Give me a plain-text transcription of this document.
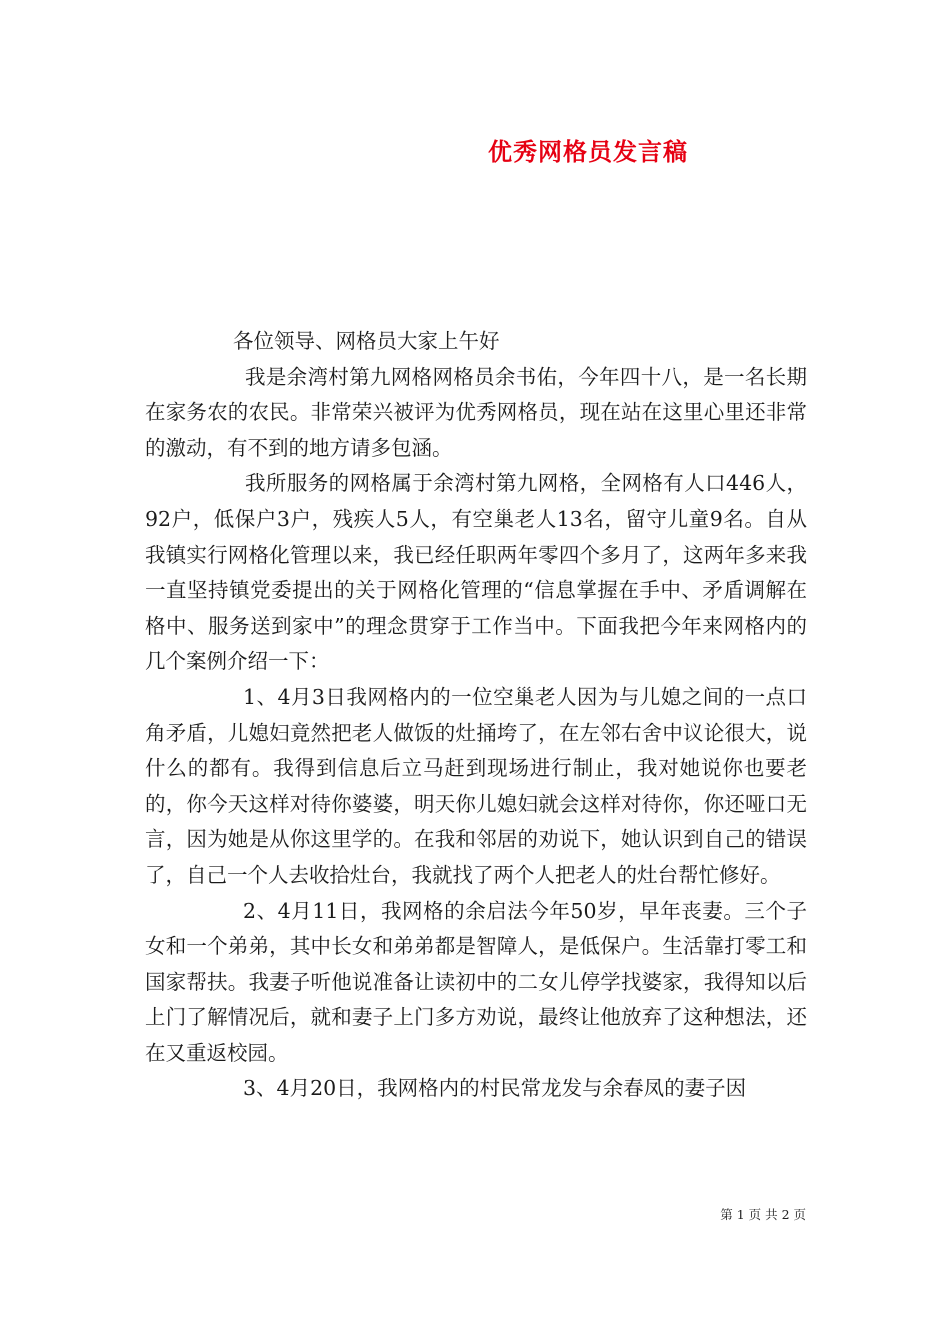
优秀网格员发言稿

各位领导、网格员大家上午好

我是余湾村第九网格网格员余书佑，今年四十八，是一名长期在家务农的农民。非常荣兴被评为优秀网格员，现在站在这里心里还非常的激动，有不到的地方请多包涵。

我所服务的网格属于余湾村第九网格，全网格有人口446人，92户，低保户3户，残疾人5人，有空巢老人13名，留守儿童9名。自从我镇实行网格化管理以来，我已经任职两年零四个多月了，这两年多来我一直坚持镇党委提出的关于网格化管理的“信息掌握在手中、矛盾调解在格中、服务送到家中”的理念贯穿于工作当中。下面我把今年来网格内的几个案例介绍一下：

1、4月3日我网格内的一位空巢老人因为与儿媳之间的一点口角矛盾，儿媳妇竟然把老人做饭的灶捅垮了，在左邻右舍中议论很大，说什么的都有。我得到信息后立马赶到现场进行制止，我对她说你也要老的，你今天这样对待你婆婆，明天你儿媳妇就会这样对待你，你还哑口无言，因为她是从你这里学的。在我和邻居的劝说下，她认识到自己的错误了，自己一个人去收拾灶台，我就找了两个人把老人的灶台帮忙修好。

2、4月11日，我网格的余启法今年50岁，早年丧妻。三个子女和一个弟弟，其中长女和弟弟都是智障人，是低保户。生活靠打零工和国家帮扶。我妻子听他说准备让读初中的二女儿停学找婆家，我得知以后上门了解情况后，就和妻子上门多方劝说，最终让他放弃了这种想法，还在又重返校园。

3、4月20日，我网格内的村民常龙发与余春凤的妻子因

第 1 页 共 2 页
